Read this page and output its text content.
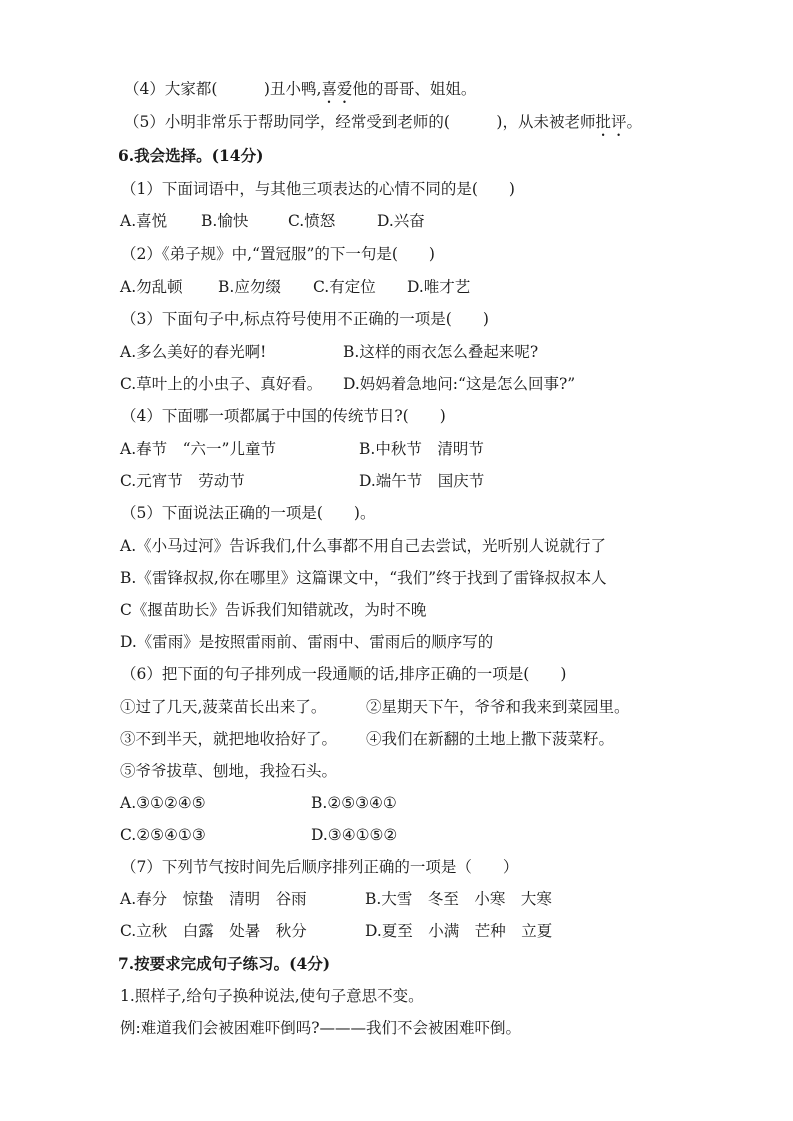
（4）大家都(　　　)丑小鸭,喜爱他的哥哥、姐姐。
（5）小明非常乐于帮助同学，经常受到老师的(　　　)，从未被老师批评。
6.我会选择。(14分)
（1）下面词语中，与其他三项表达的心情不同的是(　　)
A.喜悦 B.愉快	C.愤怒	D.兴奋
（2）《弟子规》中,“置冠服”的下一句是(　　)
A.勿乱顿 B.应勿缀 C.有定位 D.唯才艺
（3）下面句子中,标点符号使用不正确的一项是(　　)
A.多么美好的春光啊!	B.这样的雨衣怎么叠起来呢?
C.草叶上的小虫子、真好看。 D.妈妈着急地问:“这是怎么回事?”
（4）下面哪一项都属于中国的传统节日?(　　)
A.春节　“六一”儿童节	B.中秋节　清明节
C.元宵节　劳动节	D.端午节　国庆节
（5）下面说法正确的一项是(　　)。
A.《小马过河》告诉我们,什么事都不用自己去尝试，光听别人说就行了
B.《雷锋叔叔,你在哪里》这篇课文中，“我们”终于找到了雷锋叔叔本人
C《揠苗助长》告诉我们知错就改，为时不晚
D.《雷雨》是按照雷雨前、雷雨中、雷雨后的顺序写的
（6）把下面的句子排列成一段通顺的话,排序正确的一项是(　　)
①过了几天,菠菜苗长出来了。	②星期天下午，爷爷和我来到菜园里。
③不到半天，就把地收拾好了。 ④我们在新翻的土地上撒下菠菜籽。
⑤爷爷拔草、刨地，我捡石头。
A.③①②④⑤	B.②⑤③④①
C.②⑤④①③	D.③④①⑤②
（7）下列节气按时间先后顺序排列正确的一项是（　　）
A.春分　惊蛰　清明　谷雨	B.大雪　冬至　小寒　大寒
C.立秋　白露　处暑　秋分	D.夏至　小满　芒种　立夏
7.按要求完成句子练习。(4分)
1.照样子,给句子换种说法,使句子意思不变。
例:难道我们会被困难吓倒吗?———我们不会被困难吓倒。
